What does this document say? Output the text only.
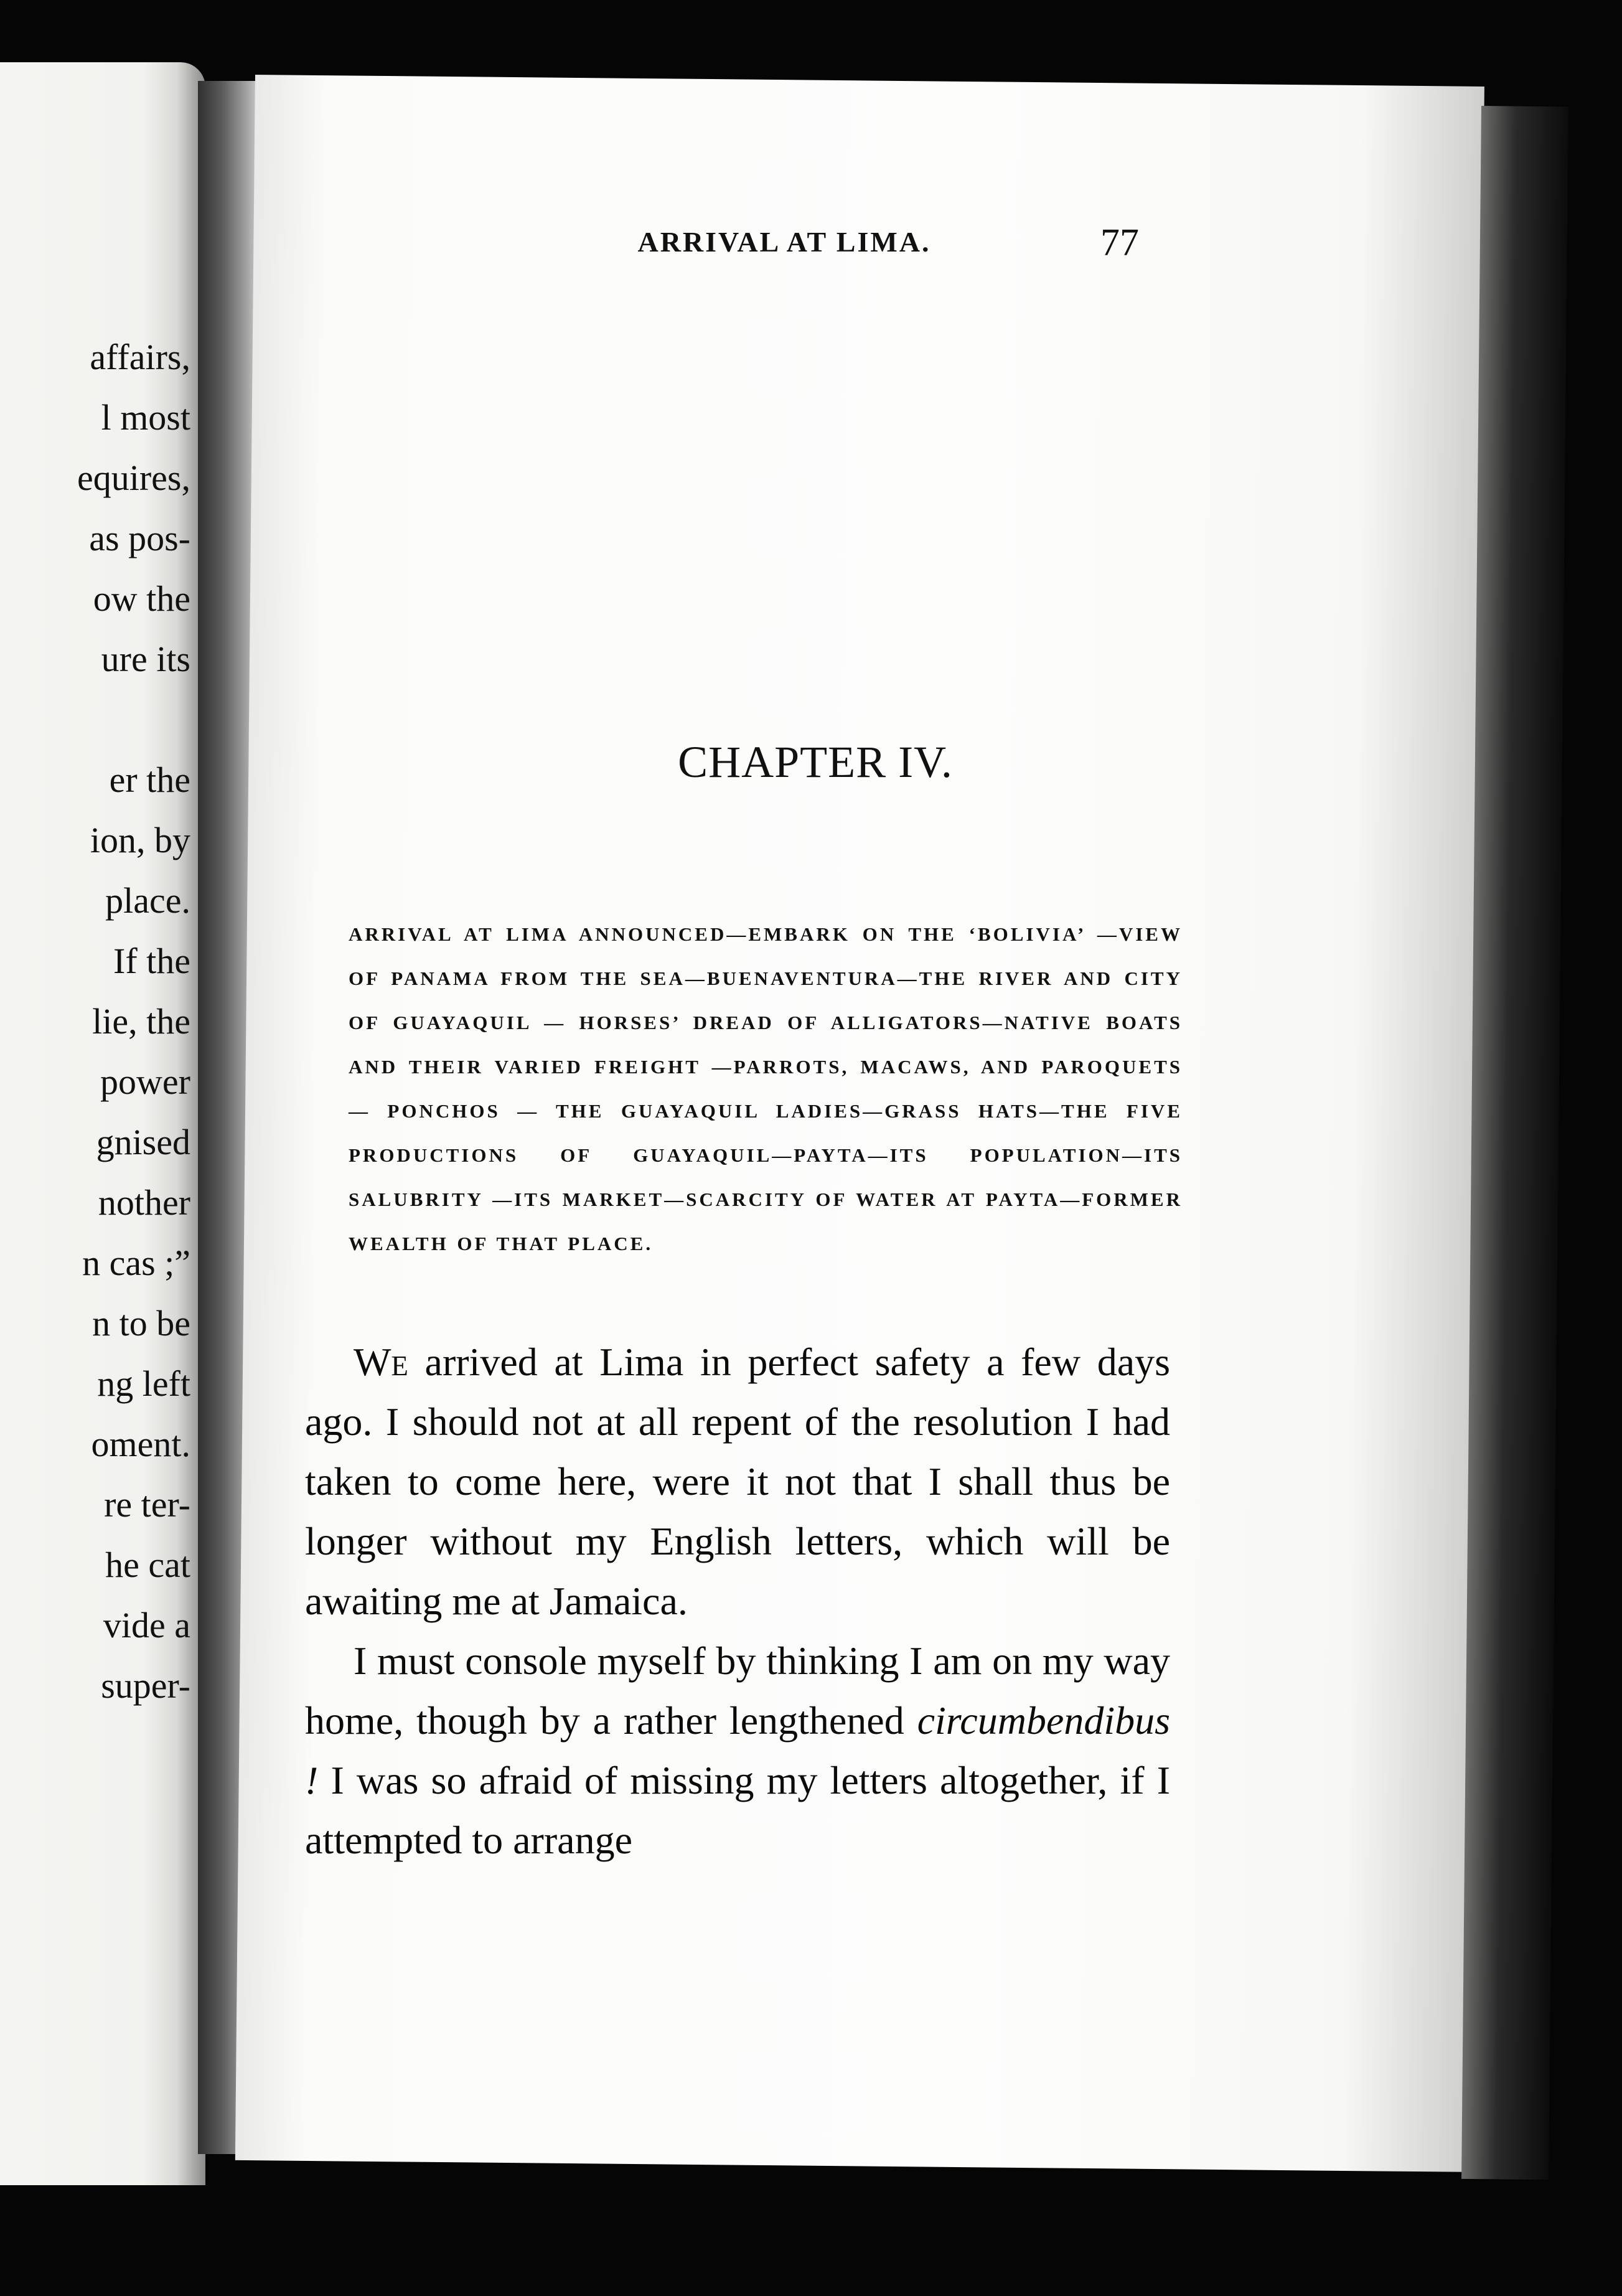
affairs,
l most
equires,
as pos-
ow the
ure its
er the
ion, by
place.
If the
lie, the
power
gnised
nother
n cas ;”
n to be
ng left
oment.
re ter-
he cat
vide a
super-
ARRIVAL AT LIMA.	77
CHAPTER IV.
ARRIVAL AT LIMA ANNOUNCED—EMBARK ON THE ‘BOLIVIA’ —VIEW OF PANAMA FROM THE SEA—BUENAVENTURA—THE RIVER AND CITY OF GUAYAQUIL — HORSES’ DREAD OF ALLIGATORS—NATIVE BOATS AND THEIR VARIED FREIGHT —PARROTS, MACAWS, AND PAROQUETS — PONCHOS — THE GUAYAQUIL LADIES—GRASS HATS—THE FIVE PRODUCTIONS OF GUAYAQUIL—PAYTA—ITS POPULATION—ITS SALUBRITY —ITS MARKET—SCARCITY OF WATER AT PAYTA—FORMER WEALTH OF THAT PLACE.

We arrived at Lima in perfect safety a few days ago. I should not at all repent of the resolution I had taken to come here, were it not that I shall thus be longer without my English letters, which will be awaiting me at Jamaica.

I must console myself by thinking I am on my way home, though by a rather lengthened circumbendibus ! I was so afraid of missing my letters altogether, if I attempted to arrange
